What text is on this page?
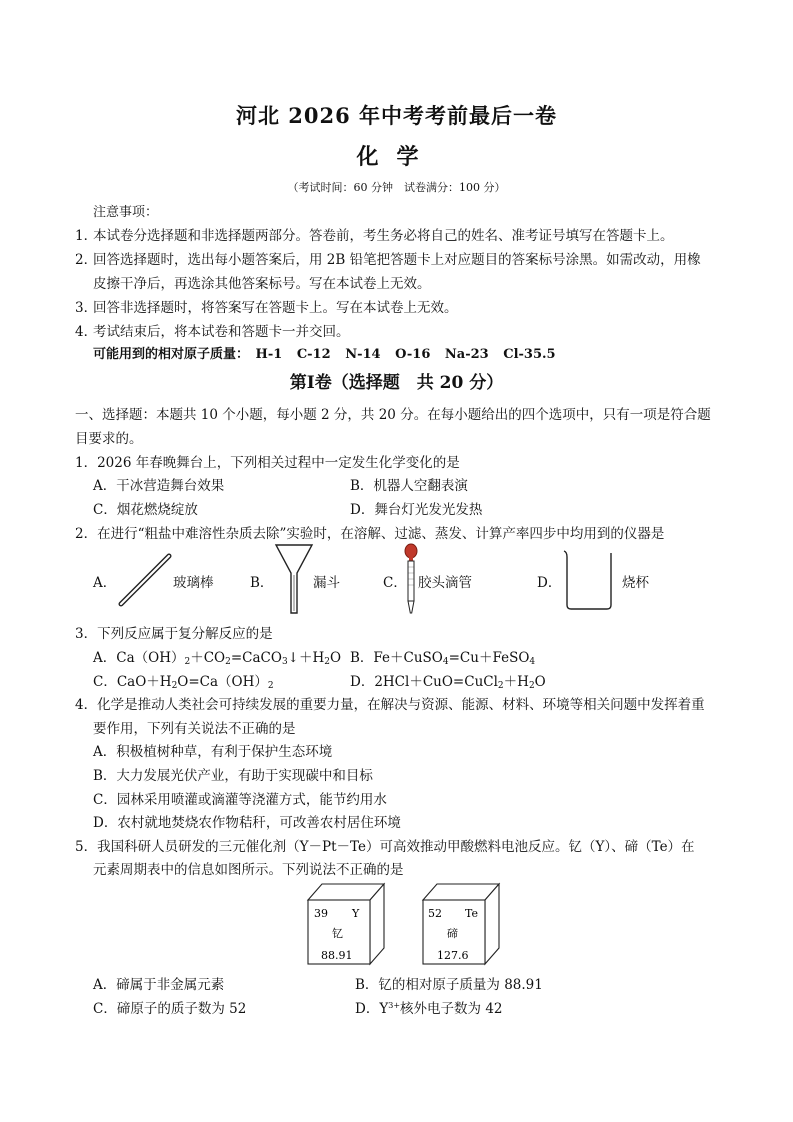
河北 2026 年中考考前最后一卷
化学
（考试时间：60 分钟　试卷满分：100 分）
注意事项：
1．本试卷分选择题和非选择题两部分。答卷前，考生务必将自己的姓名、准考证号填写在答题卡上。
2．回答选择题时，选出每小题答案后，用 2B 铅笔把答题卡上对应题目的答案标号涂黑。如需改动，用橡
皮擦干净后，再选涂其他答案标号。写在本试卷上无效。
3．回答非选择题时，将答案写在答题卡上。写在本试卷上无效。
4．考试结束后，将本试卷和答题卡一并交回。
可能用到的相对原子质量： H-1 C-12 N-14 O-16 Na-23 Cl-35.5
第Ⅰ卷（选择题　共 20 分）
一、选择题：本题共 10 个小题，每小题 2 分，共 20 分。在每小题给出的四个选项中，只有一项是符合题
目要求的。
1．2026 年春晚舞台上，下列相关过程中一定发生化学变化的是
A．干冰营造舞台效果	B．机器人空翻表演
C．烟花燃烧绽放	D．舞台灯光发光发热
2．在进行“粗盐中难溶性杂质去除”实验时，在溶解、过滤、蒸发、计算产率四步中均用到的仪器是
A．	玻璃棒	B．	漏斗	C． 胶头滴管	D．	烧杯
3．下列反应属于复分解反应的是
A．$Ca(OH)_2+CO_2=CaCO_3↓+H_2O$ B．Fe＋CuSO$_4$=Cu＋FeSO$_4$
C．$CaO+H_2O=Ca(OH)_2$	D．$2HCl+CuO=CuCl_2+H_2O$
4．化学是推动人类社会可持续发展的重要力量，在解决与资源、能源、材料、环境等相关问题中发挥着重
要作用，下列有关说法不正确的是
A．积极植树种草，有利于保护生态环境
B．大力发展光伏产业，有助于实现碳中和目标
C．园林采用喷灌或滴灌等浇灌方式，能节约用水
D．农村就地焚烧农作物秸秆，可改善农村居住环境
5．我国科研人员研发的三元催化剂（Y－Pt－Te）可高效推动甲酸燃料电池反应。钇（Y）、碲（Te）在
元素周期表中的信息如图所示。下列说法不正确的是
39 Y
钇
88.91
52 Te
碲
127.6
A．碲属于非金属元素	B．钇的相对原子质量为 88.91
C．碲原子的质子数为 52	D．$Y^{3+}$核外电子数为 42
